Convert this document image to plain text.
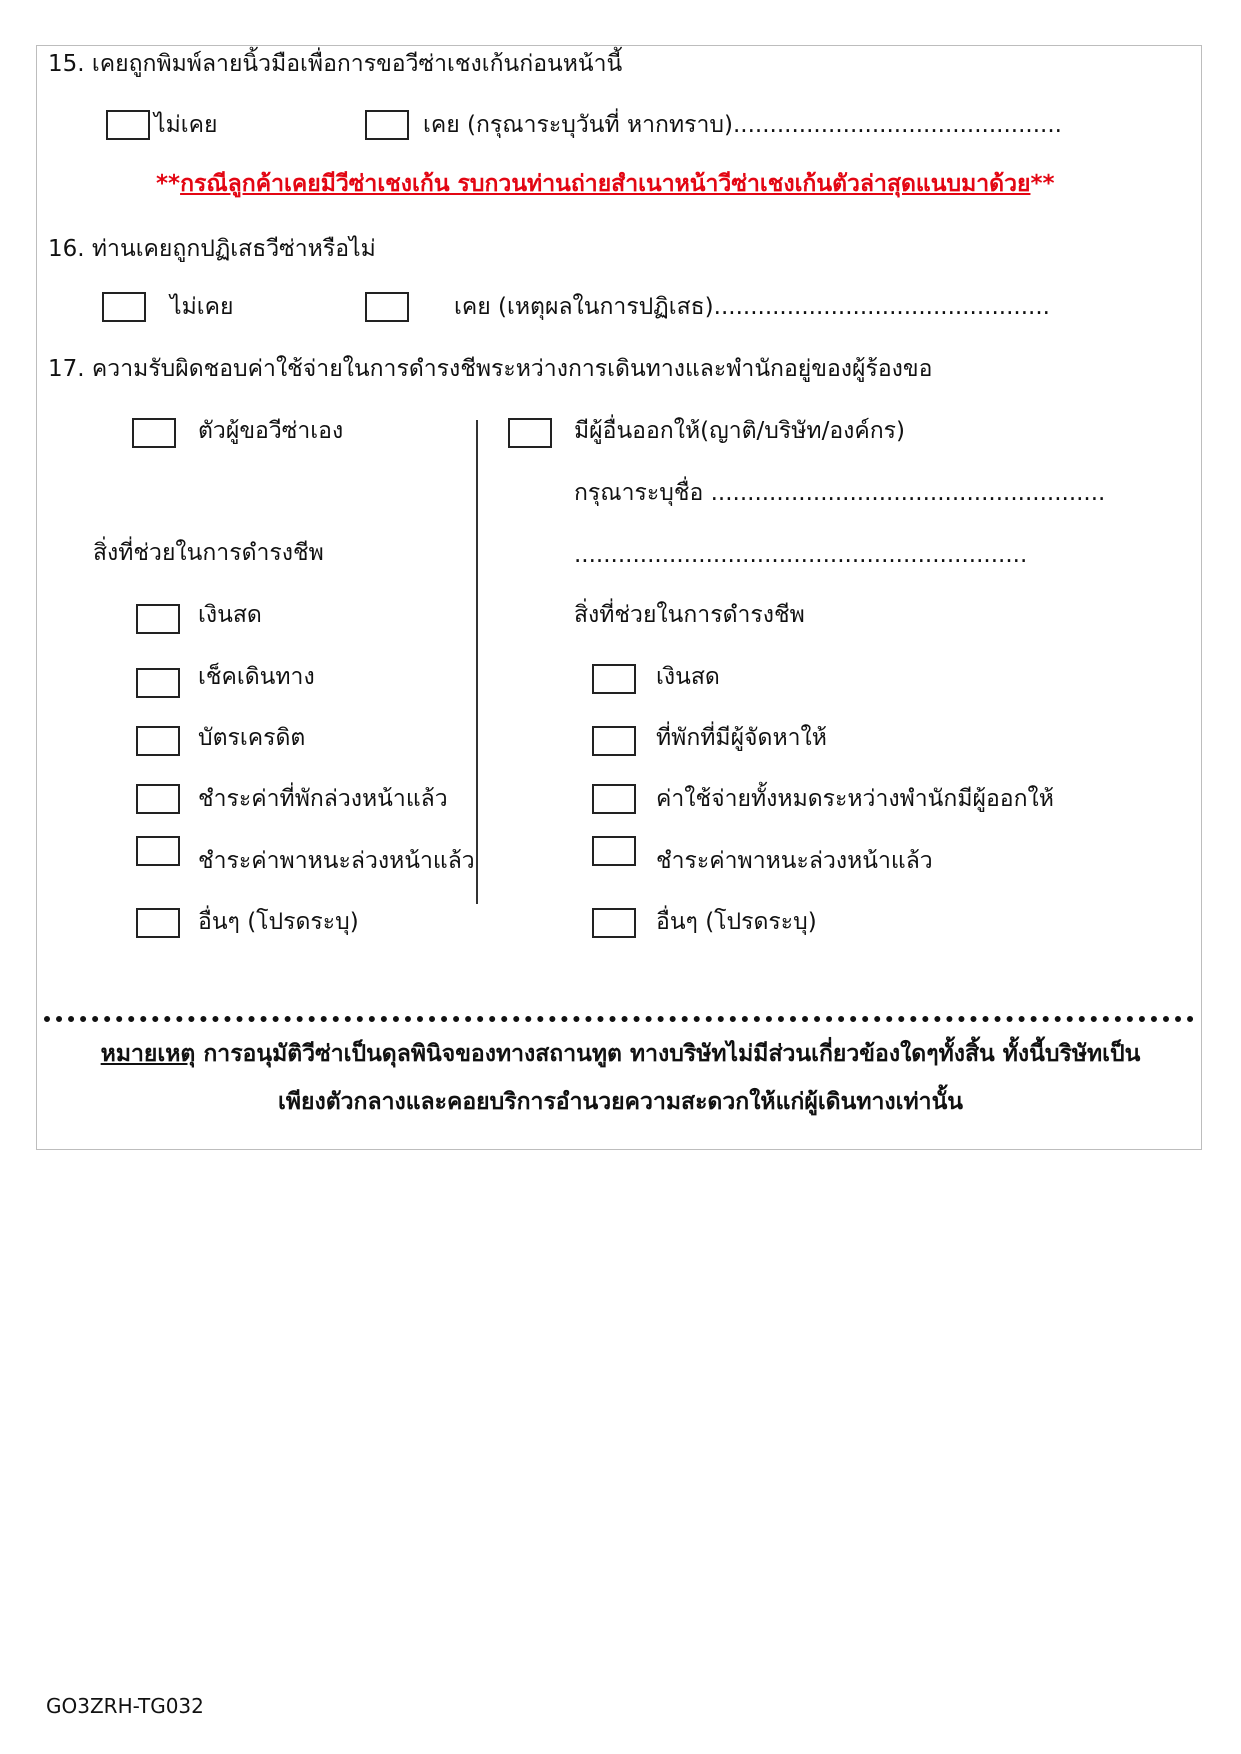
15. เคยถูกพิมพ์ลายนิ้วมือเพื่อการขอวีซ่าเชงเก้นก่อนหน้านี้
ไม่เคย	เคย (กรุณาระบุวันที่ หากทราบ).............................................
**กรณีลูกค้าเคยมีวีซ่าเชงเก้น รบกวนท่านถ่ายสำเนาหน้าวีซ่าเชงเก้นตัวล่าสุดแนบมาด้วย**
16. ท่านเคยถูกปฏิเสธวีซ่าหรือไม่
ไม่เคย	เคย (เหตุผลในการปฏิเสธ)..............................................
17. ความรับผิดชอบค่าใช้จ่ายในการดำรงชีพระหว่างการเดินทางและพำนักอยู่ของผู้ร้องขอ
ตัวผู้ขอวีซ่าเอง
สิ่งที่ช่วยในการดำรงชีพ
เงินสด
เช็คเดินทาง
บัตรเครดิต
ชำระค่าที่พักล่วงหน้าแล้ว
ชำระค่าพาหนะล่วงหน้าแล้ว
อื่นๆ (โปรดระบุ)
มีผู้อื่นออกให้(ญาติ/บริษัท/องค์กร)
กรุณาระบุชื่อ ......................................................
..............................................................
สิ่งที่ช่วยในการดำรงชีพ
เงินสด
ที่พักที่มีผู้จัดหาให้
ค่าใช้จ่ายทั้งหมดระหว่างพำนักมีผู้ออกให้
ชำระค่าพาหนะล่วงหน้าแล้ว
อื่นๆ (โปรดระบุ)
หมายเหตุ การอนุมัติวีซ่าเป็นดุลพินิจของทางสถานทูต ทางบริษัทไม่มีส่วนเกี่ยวข้องใดๆทั้งสิ้น ทั้งนี้บริษัทเป็น
เพียงตัวกลางและคอยบริการอำนวยความสะดวกให้แก่ผู้เดินทางเท่านั้น
GO3ZRH-TG032
